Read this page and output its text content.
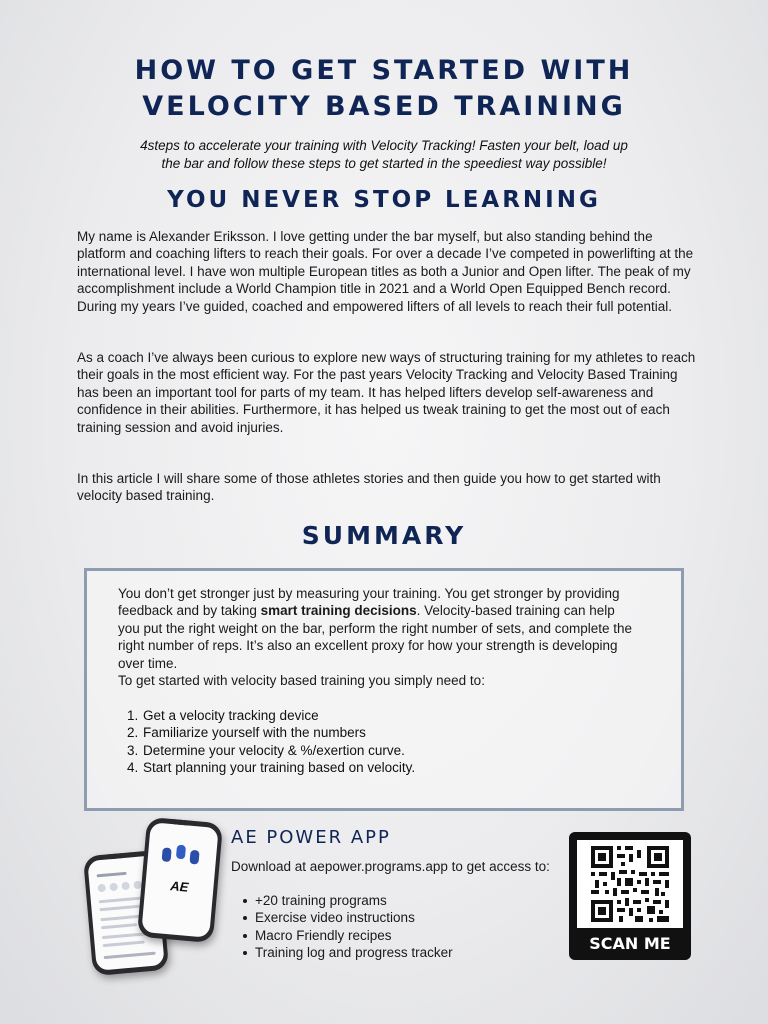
HOW TO GET STARTED WITH
VELOCITY BASED TRAINING
4steps to accelerate your training with Velocity Tracking! Fasten your belt, load up
the bar and follow these steps to get started in the speediest way possible!
YOU NEVER STOP LEARNING

My name is Alexander Eriksson. I love getting under the bar myself, but also standing behind the platform and coaching lifters to reach their goals. For over a decade I’ve competed in powerlifting at the international level. I have won multiple European titles as both a Junior and Open lifter. The peak of my accomplishment include a World Champion title in 2021 and a World Open Equipped Bench record. During my years I’ve guided, coached and empowered lifters of all levels to reach their full potential.

As a coach I’ve always been curious to explore new ways of structuring training for my athletes to reach their goals in the most efficient way. For the past years Velocity Tracking and Velocity Based Training has been an important tool for parts of my team. It has helped lifters develop self-awareness and confidence in their abilities. Furthermore, it has helped us tweak training to get the most out of each training session and avoid injuries.

In this article I will share some of those athletes stories and then guide you how to get started with velocity based training.

SUMMARY
You don’t get stronger just by measuring your training. You get stronger by providing feedback and by taking smart training decisions. Velocity-based training can help you put the right weight on the bar, perform the right number of sets, and complete the right number of reps. It’s also an excellent proxy for how your strength is developing over time.
To get started with velocity based training you simply need to:
1. Get a velocity tracking device
2. Familiarize yourself with the numbers
3. Determine your velocity & %/exertion curve.
4. Start planning your training based on velocity.
AE
AE POWER APP
Download at aepower.programs.app to get access to:
+20 training programs
Exercise video instructions
Macro Friendly recipes
Training log and progress tracker	SCAN ME
